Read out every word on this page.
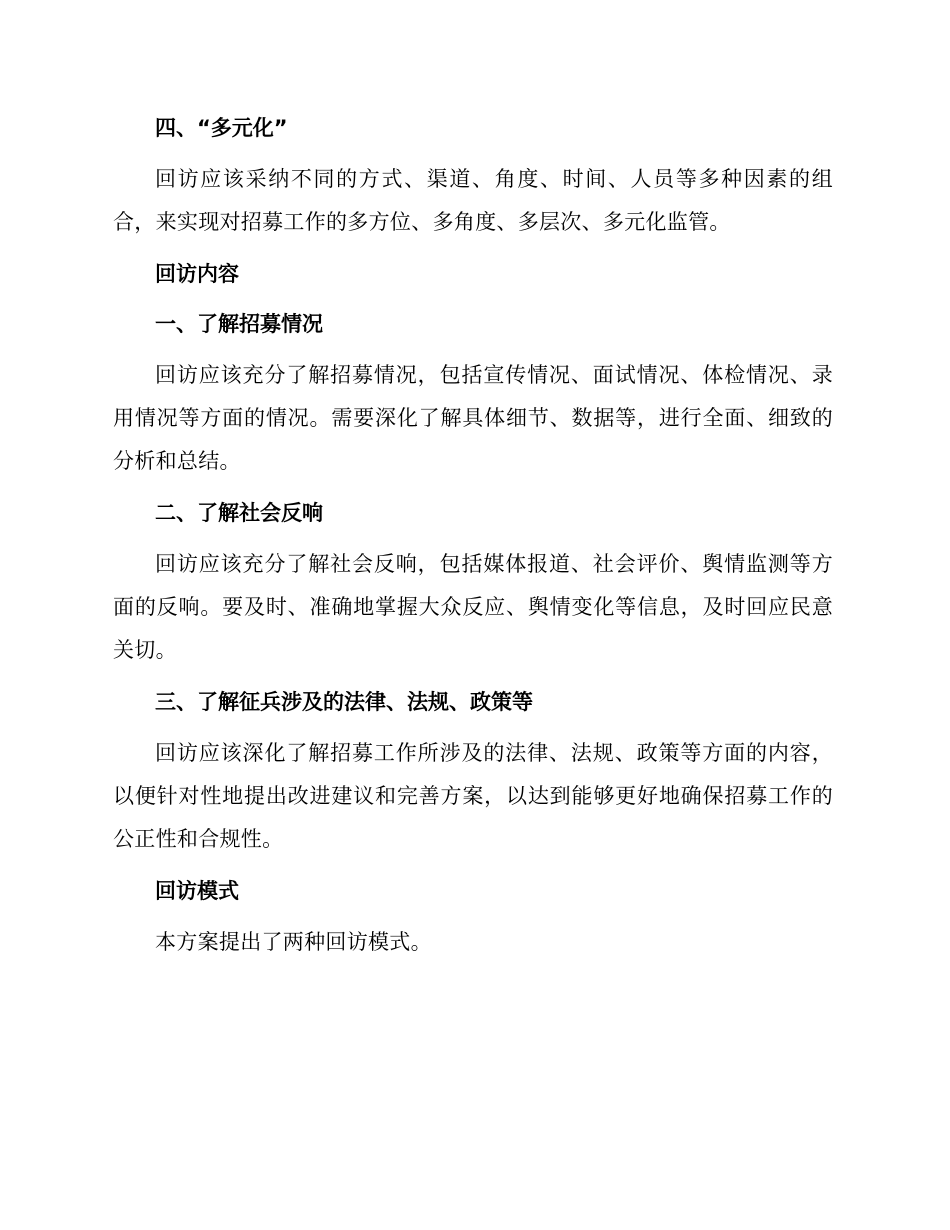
四、“多元化”

回访应该采纳不同的方式、渠道、角度、时间、人员等多种因素的组合，来实现对招募工作的多方位、多角度、多层次、多元化监管。

回访内容
一、了解招募情况

回访应该充分了解招募情况，包括宣传情况、面试情况、体检情况、录用情况等方面的情况。需要深化了解具体细节、数据等，进行全面、细致的分析和总结。

二、了解社会反响

回访应该充分了解社会反响，包括媒体报道、社会评价、舆情监测等方面的反响。要及时、准确地掌握大众反应、舆情变化等信息，及时回应民意关切。

三、了解征兵涉及的法律、法规、政策等

回访应该深化了解招募工作所涉及的法律、法规、政策等方面的内容，以便针对性地提出改进建议和完善方案，以达到能够更好地确保招募工作的公正性和合规性。

回访模式

本方案提出了两种回访模式。
